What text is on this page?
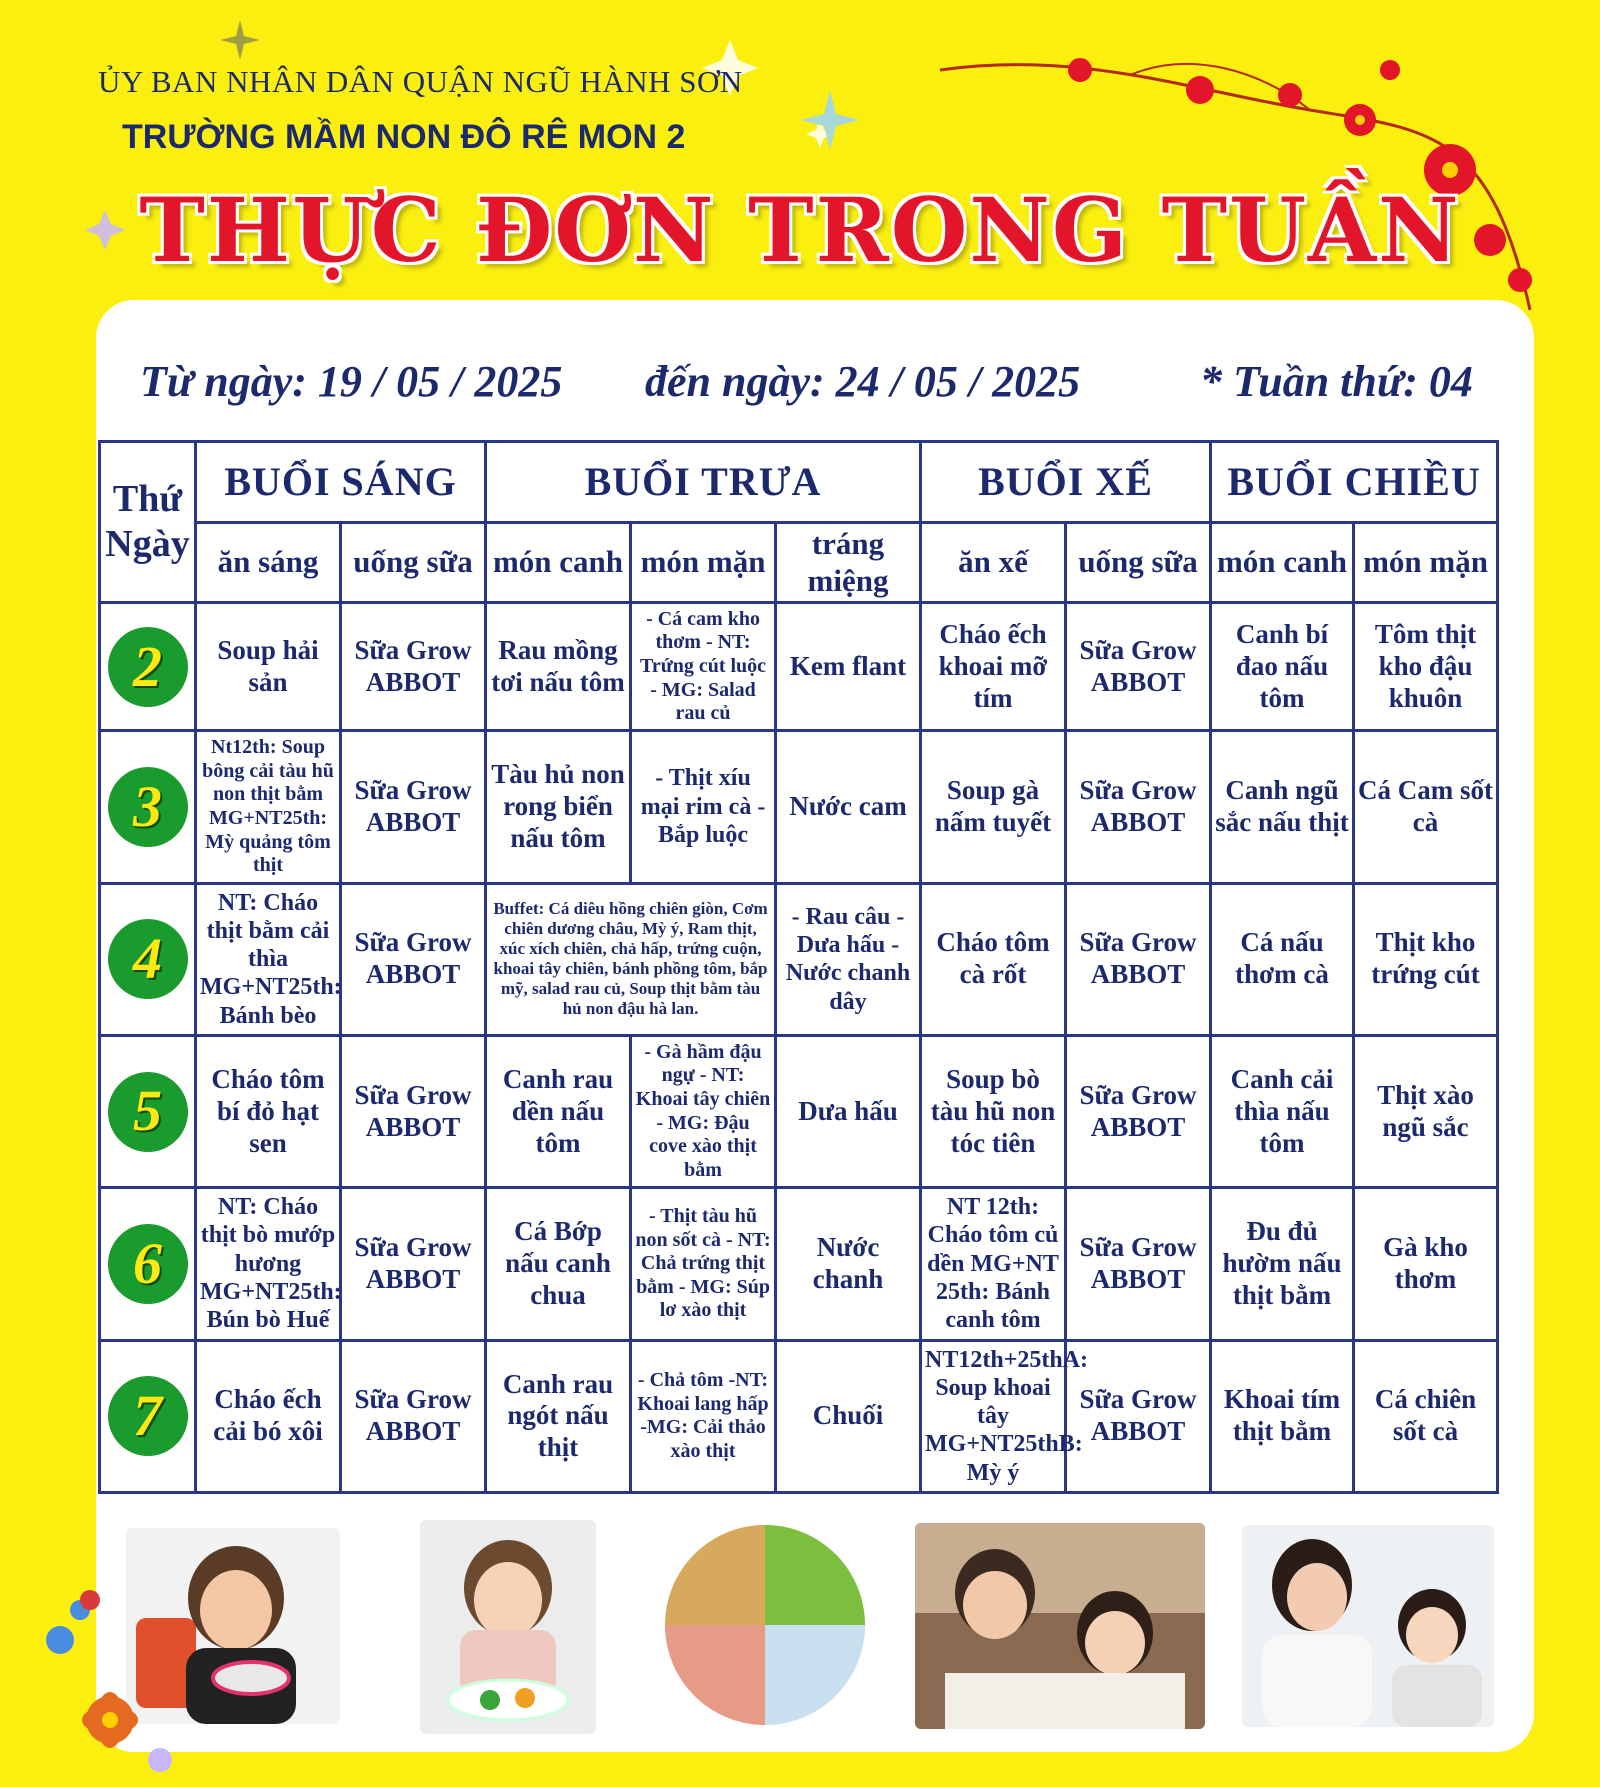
ỦY BAN NHÂN DÂN QUẬN NGŨ HÀNH SƠN
TRƯỜNG MẦM NON ĐÔ RÊ MON 2
THỰC ĐƠN TRONG TUẦN
Từ ngày: 19 / 05 / 2025 đến ngày: 24 / 05 / 2025	* Tuần thứ: 04
Thứ Ngày	BUỔI SÁNG		BUỔI TRƯA			BUỔI XẾ		BUỔI CHIỀU	
	ăn sáng	uống sữa	món canh	món mặn	tráng miệng	ăn xế	uống sữa	món canh	món mặn

2	Soup hải sản	Sữa Grow ABBOT	Rau mồng tơi nấu tôm	- Cá cam kho thơm - NT: Trứng cút luộc - MG: Salad rau củ	Kem flant	Cháo ếch khoai mỡ tím	Sữa Grow ABBOT	Canh bí đao nấu tôm	Tôm thịt kho đậu khuôn

3	Nt12th: Soup bông cải tàu hũ non thịt bằm MG+NT25th: Mỳ quảng tôm thịt	Sữa Grow ABBOT	Tàu hủ non rong biển nấu tôm	- Thịt xíu mại rim cà - Bắp luộc	Nước cam	Soup gà nấm tuyết	Sữa Grow ABBOT	Canh ngũ sắc nấu thịt	Cá Cam sốt cà

4	NT: Cháo thịt bằm cải thìa MG+NT25th: Bánh bèo	Sữa Grow ABBOT	Buffet: Cá diêu hồng chiên giòn, Cơm chiên dương châu, Mỳ ý, Ram thịt, xúc xích chiên, chả hấp, trứng cuộn, khoai tây chiên, bánh phồng tôm, bắp mỹ, salad rau củ, Soup thịt bằm tàu hủ non đậu hà lan.		- Rau câu - Dưa hấu - Nước chanh dây	Cháo tôm cà rốt	Sữa Grow ABBOT	Cá nấu thơm cà	Thịt kho trứng cút

5	Cháo tôm bí đỏ hạt sen	Sữa Grow ABBOT	Canh rau dền nấu tôm	- Gà hầm đậu ngự - NT: Khoai tây chiên - MG: Đậu cove xào thịt bằm	Dưa hấu	Soup bò tàu hũ non tóc tiên	Sữa Grow ABBOT	Canh cải thìa nấu tôm	Thịt xào ngũ sắc

6	NT: Cháo thịt bò mướp hương MG+NT25th: Bún bò Huế	Sữa Grow ABBOT	Cá Bớp nấu canh chua	- Thịt tàu hũ non sốt cà - NT: Chả trứng thịt bằm - MG: Súp lơ xào thịt	Nước chanh	NT 12th: Cháo tôm củ dền MG+NT 25th: Bánh canh tôm	Sữa Grow ABBOT	Đu đủ hườm nấu thịt bằm	Gà kho thơm

7	Cháo ếch cải bó xôi	Sữa Grow ABBOT	Canh rau ngót nấu thịt	- Chả tôm -NT: Khoai lang hấp -MG: Cải thảo xào thịt	Chuối	NT12th+25thA: Soup khoai tây MG+NT25thB: Mỳ ý	Sữa Grow ABBOT	Khoai tím thịt bằm	Cá chiên sốt cà
